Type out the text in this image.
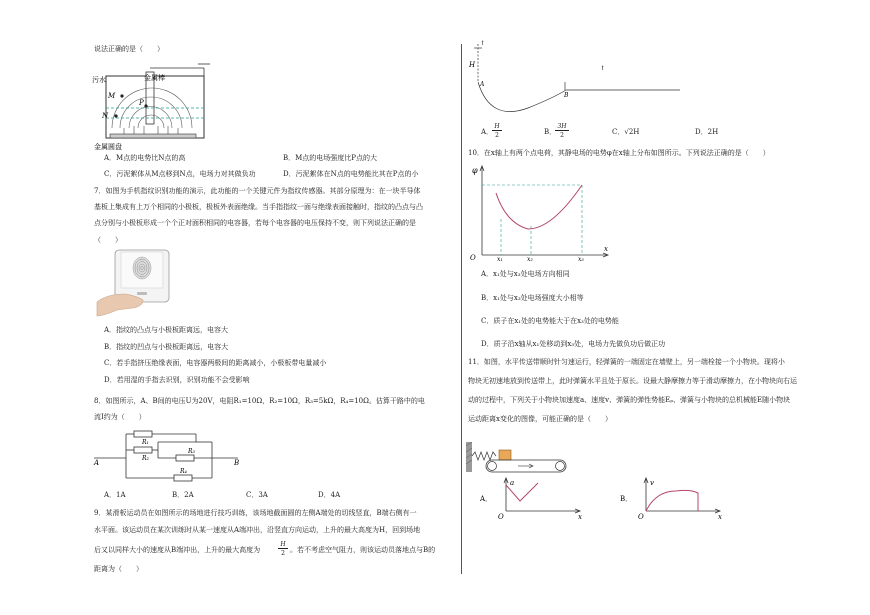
说法正确的是（　　）
污水	金属棒
M
N
P
金属圆盘
A．M点的电势比N点的高	B．M点的电场强度比P点的大
C．污泥絮体从M点移到N点，电场力对其做负功	D．污泥絮体在N点的电势能比其在P点的小
7．如图为手机指纹识别功能的演示，此功能的一个关键元件为指纹传感器。其部分原理为：在一块半导体
基板上集成有上万个相同的小极板，极板外表面绝缘。当手指指纹一面与绝缘表面接触时，指纹的凸点与凸
点分别与小极板形成一个个正对面积相同的电容器，若每个电容器的电压保持不变，则下列说法正确的是
（　　）
A．指纹的凸点与小极板距离远，电容大
B．指纹的凹点与小极板距离远，电容大
C．若手指挤压绝缘表面，电容器两极间的距离减小，小极板带电量减小
D．若用湿的手指去识别，识别功能不会受影响
8．如图所示，A、B间的电压U为20V，电阻R₁=10Ω，R₂=10Ω，R₃=5kΩ，R₄=10Ω。估算干路中的电
流I约为（　　）
A	B
R₁
R₂
R₃
R₄
A．1A	B．2A	C．3A	D．4A
9．某滑板运动员在如图所示的场地进行技巧训练，该场地截面圆的左侧A端处的切线竖直，B端右侧有一
水平面。该运动员在某次训练时从某一速度从A端冲出，沿竖直方向运动，上升的最大高度为H，回到场地
后又以同样大小的速度从B端冲出，上升的最大高度为
H
2 。若不考虑空气阻力，则该运动员落地点与B的
距离为（　　）
↑
↑
H
A
B
A．
H
2	B．
3H
2	C．√2H	D．2H
10．在x轴上有两个点电荷，其静电场的电势φ在x轴上分布如图所示。下列说法正确的是（　　）
φ
O
x
x₁	x₂	x₃
A．x₁处与x₃处电场方向相同
B．x₁处与x₃处电场强度大小相等
C．质子在x₁处的电势能大于在x₃处的电势能
D．质子沿x轴从x₁处移动到x₃处，电场力先做负功后做正功
11．如图，水平传送带顺时针匀速运行，轻弹簧的一端固定在墙壁上，另一端栓接一个小物块。现将小
物块无初速地放到传送带上，此时弹簧水平且处于原长。设最大静摩擦力等于滑动摩擦力，在小物块向右运
动的过程中，下列关于小物块加速度a、速度v、弹簧的弹性势能Eₚ、弹簧与小物块的总机械能E随小物块
运动距离x变化的图像，可能正确的是（　　）
A．
a
O	x
B．
v
O	x
